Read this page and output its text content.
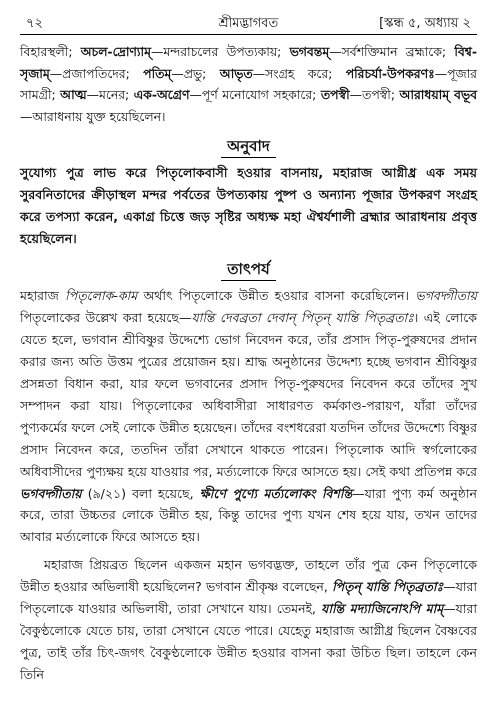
৭২	শ্রীমদ্ভাগবত	[স্কন্ধ ৫, অধ্যায় ২

বিহারস্থলী; অচল-দ্রোণ্যাম্—মন্দরাচলের উপত্যকায়; ভগবন্তম্—সর্বশক্তিমান ব্রহ্মাকে; বিশ্ব-সৃজাম্—প্রজাপতিদের; পতিম্—প্রভু; আভৃত—সংগ্রহ করে; পরিচর্যা-উপকরণঃ—পূজার সামগ্রী; আত্ম—মনের; এক-অগ্রেণ—পূর্ণ মনোযোগ সহকারে; তপস্বী—তপস্বী; আরাধয়াম্ বভূব—আরাধনায় যুক্ত হয়েছিলেন।

অনুবাদ

সুযোগ্য পুত্র লাভ করে পিতৃলোকবাসী হওয়ার বাসনায়, মহারাজ আগ্নীধ্র এক সময় সুরবনিতাদের ক্রীড়াস্থল মন্দর পর্বতের উপত্যকায় পুষ্প ও অন্যান্য পূজার উপকরণ সংগ্রহ করে তপস্যা করেন, একাগ্র চিত্তে জড় সৃষ্টির অধ্যক্ষ মহা ঐশ্বর্যশালী ব্রহ্মার আরাধনায় প্রবৃত্ত হয়েছিলেন।

তাৎপর্য

মহারাজ পিতৃলোক-কাম অর্থাৎ পিতৃলোকে উন্নীত হওয়ার বাসনা করেছিলেন। ভগবদ্গীতায় পিতৃলোকের উল্লেখ করা হয়েছে—যান্তি দেবব্রতা দেবান্ পিতৃন্ যান্তি পিতৃব্রতাঃ। এই লোকে যেতে হলে, ভগবান শ্রীবিষ্ণুর উদ্দেশ্যে ভোগ নিবেদন করে, তাঁর প্রসাদ পিতৃ-পুরুষদের প্রদান করার জন্য অতি উত্তম পুত্রের প্রয়োজন হয়। শ্রাদ্ধ অনুষ্ঠানের উদ্দেশ্য হচ্ছে ভগবান শ্রীবিষ্ণুর প্রসন্নতা বিধান করা, যার ফলে ভগবানের প্রসাদ পিতৃ-পুরুষদের নিবেদন করে তাঁদের সুখ সম্পাদন করা যায়। পিতৃলোকের অধিবাসীরা সাধারণত কর্মকাণ্ড-পরায়ণ, যাঁরা তাঁদের পুণ্যকর্মের ফলে সেই লোকে উন্নীত হয়েছেন। তাঁদের বংশধরেরা যতদিন তাঁদের উদ্দেশ্যে বিষ্ণুর প্রসাদ নিবেদন করে, ততদিন তাঁরা সেখানে থাকতে পারেন। পিতৃলোক আদি স্বর্গলোকের অধিবাসীদের পুণ্যক্ষয় হয়ে যাওয়ার পর, মর্ত্যলোকে ফিরে আসতে হয়। সেই কথা প্রতিপন্ন করে ভগবদ্গীতায় (৯/২১) বলা হয়েছে, ক্ষীণে পুণ্যে মর্ত্যলোকং বিশন্তি—যারা পুণ্য কর্ম অনুষ্ঠান করে, তারা উচ্চতর লোকে উন্নীত হয়, কিন্তু তাদের পুণ্য যখন শেষ হয়ে যায়, তখন তাদের আবার মর্ত্যলোকে ফিরে আসতে হয়।

মহারাজ প্রিয়ব্রত ছিলেন একজন মহান ভগবদ্ভক্ত, তাহলে তাঁর পুত্র কেন পিতৃলোকে উন্নীত হওয়ার অভিলাষী হয়েছিলেন? ভগবান শ্রীকৃষ্ণ বলেছেন, পিতৃন্ যান্তি পিতৃব্রতাঃ—যারা পিতৃলোকে যাওয়ার অভিলাষী, তারা সেখানে যায়। তেমনই, যান্তি মদ্যাজিনোঽপি মাম্—যারা বৈকুণ্ঠলোকে যেতে চায়, তারা সেখানে যেতে পারে। যেহেতু মহারাজ আগ্নীধ্র ছিলেন বৈষ্ণবের পুত্র, তাই তাঁর চিৎ-জগৎ বৈকুণ্ঠলোকে উন্নীত হওয়ার বাসনা করা উচিত ছিল। তাহলে কেন তিনি
